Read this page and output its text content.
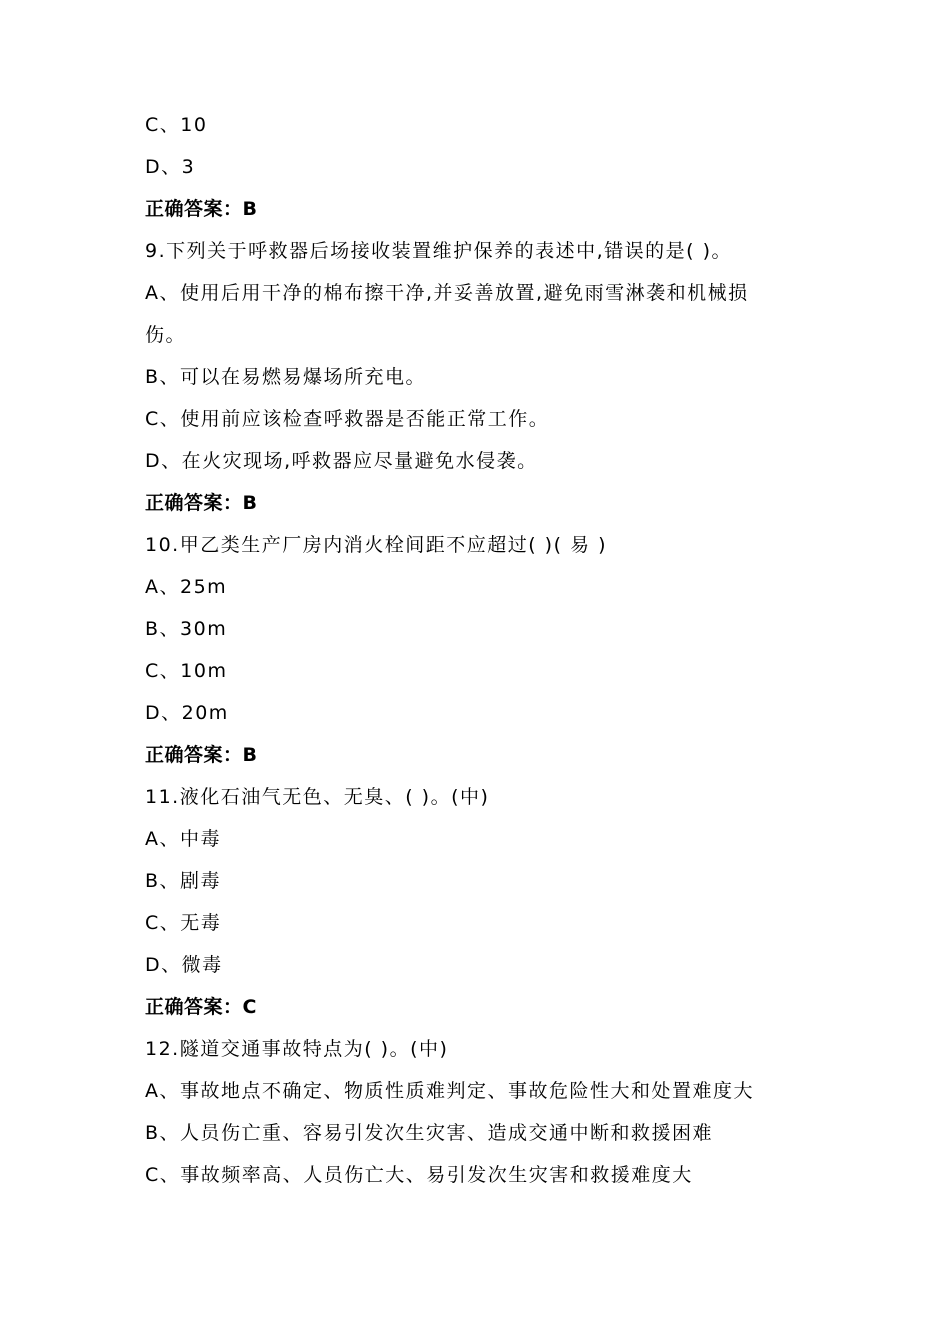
C、10
D、3
正确答案：B
9.下列关于呼救器后场接收装置维护保养的表述中,错误的是( )。
A、使用后用干净的棉布擦干净,并妥善放置,避免雨雪淋袭和机械损
伤。
B、可以在易燃易爆场所充电。
C、使用前应该检查呼救器是否能正常工作。
D、在火灾现场,呼救器应尽量避免水侵袭。
正确答案：B
10.甲乙类生产厂房内消火栓间距不应超过( )( 易 )
A、25m
B、30m
C、10m
D、20m
正确答案：B
11.液化石油气无色、无臭、( )。(中)
A、中毒
B、剧毒
C、无毒
D、微毒
正确答案：C
12.隧道交通事故特点为( )。(中)
A、事故地点不确定、物质性质难判定、事故危险性大和处置难度大
B、人员伤亡重、容易引发次生灾害、造成交通中断和救援困难
C、事故频率高、人员伤亡大、易引发次生灾害和救援难度大
